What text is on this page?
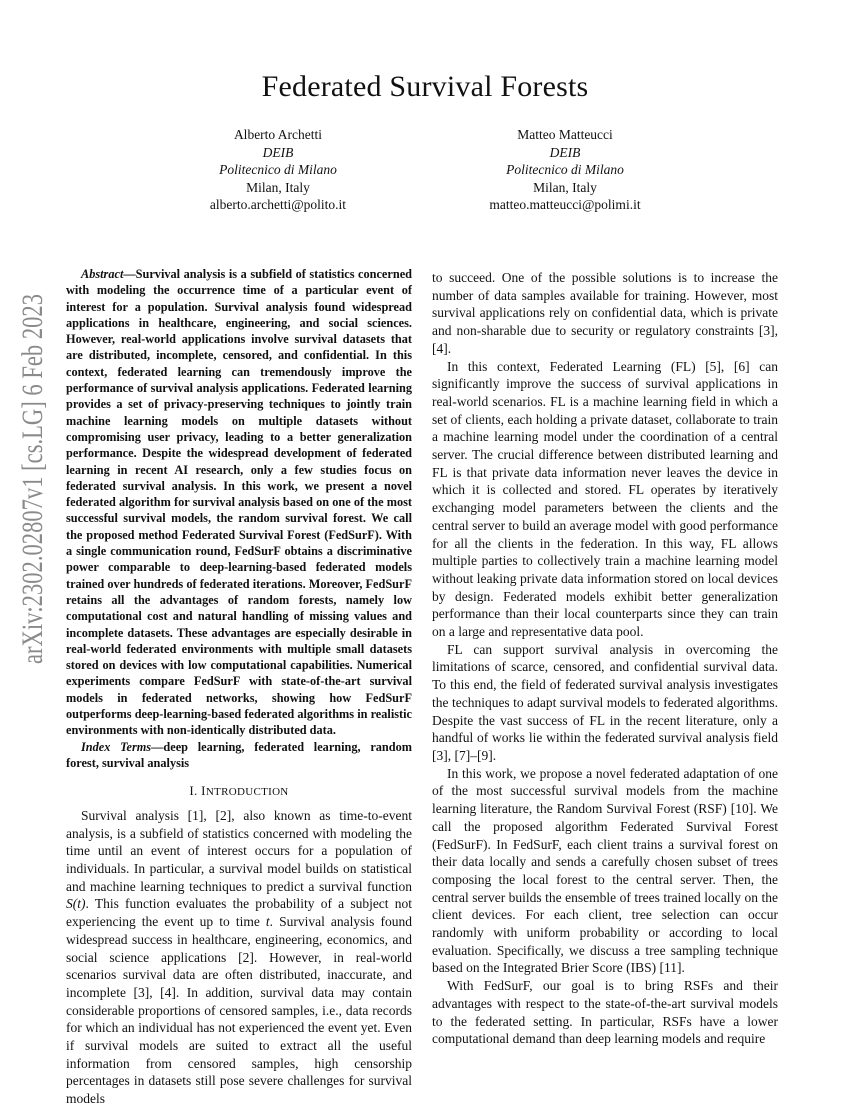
arXiv:2302.02807v1 [cs.LG] 6 Feb 2023
Federated Survival Forests
Alberto Archetti
DEIB
Politecnico di Milano
Milan, Italy
alberto.archetti@polito.it
Matteo Matteucci
DEIB
Politecnico di Milano
Milan, Italy
matteo.matteucci@polimi.it

Abstract—Survival analysis is a subfield of statistics concerned with modeling the occurrence time of a particular event of interest for a population. Survival analysis found widespread applications in healthcare, engineering, and social sciences. However, real-world applications involve survival datasets that are distributed, incomplete, censored, and confidential. In this context, federated learning can tremendously improve the performance of survival analysis applications. Federated learning provides a set of privacy-preserving techniques to jointly train machine learning models on multiple datasets without compromising user privacy, leading to a better generalization performance. Despite the widespread development of federated learning in recent AI research, only a few studies focus on federated survival analysis. In this work, we present a novel federated algorithm for survival analysis based on one of the most successful survival models, the random survival forest. We call the proposed method Federated Survival Forest (FedSurF). With a single communication round, FedSurF obtains a discriminative power comparable to deep-learning-based federated models trained over hundreds of federated iterations. Moreover, FedSurF retains all the advantages of random forests, namely low computational cost and natural handling of missing values and incomplete datasets. These advantages are especially desirable in real-world federated environments with multiple small datasets stored on devices with low computational capabilities. Numerical experiments compare FedSurF with state-of-the-art survival models in federated networks, showing how FedSurF outperforms deep-learning-based federated algorithms in realistic environments with non-identically distributed data.

Index Terms—deep learning, federated learning, random forest, survival analysis

I. INTRODUCTION

Survival analysis [1], [2], also known as time-to-event analysis, is a subfield of statistics concerned with modeling the time until an event of interest occurs for a population of individuals. In particular, a survival model builds on statistical and machine learning techniques to predict a survival function S(t). This function evaluates the probability of a subject not experiencing the event up to time t. Survival analysis found widespread success in healthcare, engineering, economics, and social science applications [2]. However, in real-world scenarios survival data are often distributed, inaccurate, and incomplete [3], [4]. In addition, survival data may contain considerable proportions of censored samples, i.e., data records for which an individual has not experienced the event yet. Even if survival models are suited to extract all the useful information from censored samples, high censorship percentages in datasets still pose severe challenges for survival models

to succeed. One of the possible solutions is to increase the number of data samples available for training. However, most survival applications rely on confidential data, which is private and non-sharable due to security or regulatory constraints [3], [4].

In this context, Federated Learning (FL) [5], [6] can significantly improve the success of survival applications in real-world scenarios. FL is a machine learning field in which a set of clients, each holding a private dataset, collaborate to train a machine learning model under the coordination of a central server. The crucial difference between distributed learning and FL is that private data information never leaves the device in which it is collected and stored. FL operates by iteratively exchanging model parameters between the clients and the central server to build an average model with good performance for all the clients in the federation. In this way, FL allows multiple parties to collectively train a machine learning model without leaking private data information stored on local devices by design. Federated models exhibit better generalization performance than their local counterparts since they can train on a large and representative data pool.

FL can support survival analysis in overcoming the limitations of scarce, censored, and confidential survival data. To this end, the field of federated survival analysis investigates the techniques to adapt survival models to federated algorithms. Despite the vast success of FL in the recent literature, only a handful of works lie within the federated survival analysis field [3], [7]–[9].

In this work, we propose a novel federated adaptation of one of the most successful survival models from the machine learning literature, the Random Survival Forest (RSF) [10]. We call the proposed algorithm Federated Survival Forest (FedSurF). In FedSurF, each client trains a survival forest on their data locally and sends a carefully chosen subset of trees composing the local forest to the central server. Then, the central server builds the ensemble of trees trained locally on the client devices. For each client, tree selection can occur randomly with uniform probability or according to local evaluation. Specifically, we discuss a tree sampling technique based on the Integrated Brier Score (IBS) [11].

With FedSurF, our goal is to bring RSFs and their advantages with respect to the state-of-the-art survival models to the federated setting. In particular, RSFs have a lower computational demand than deep learning models and require
